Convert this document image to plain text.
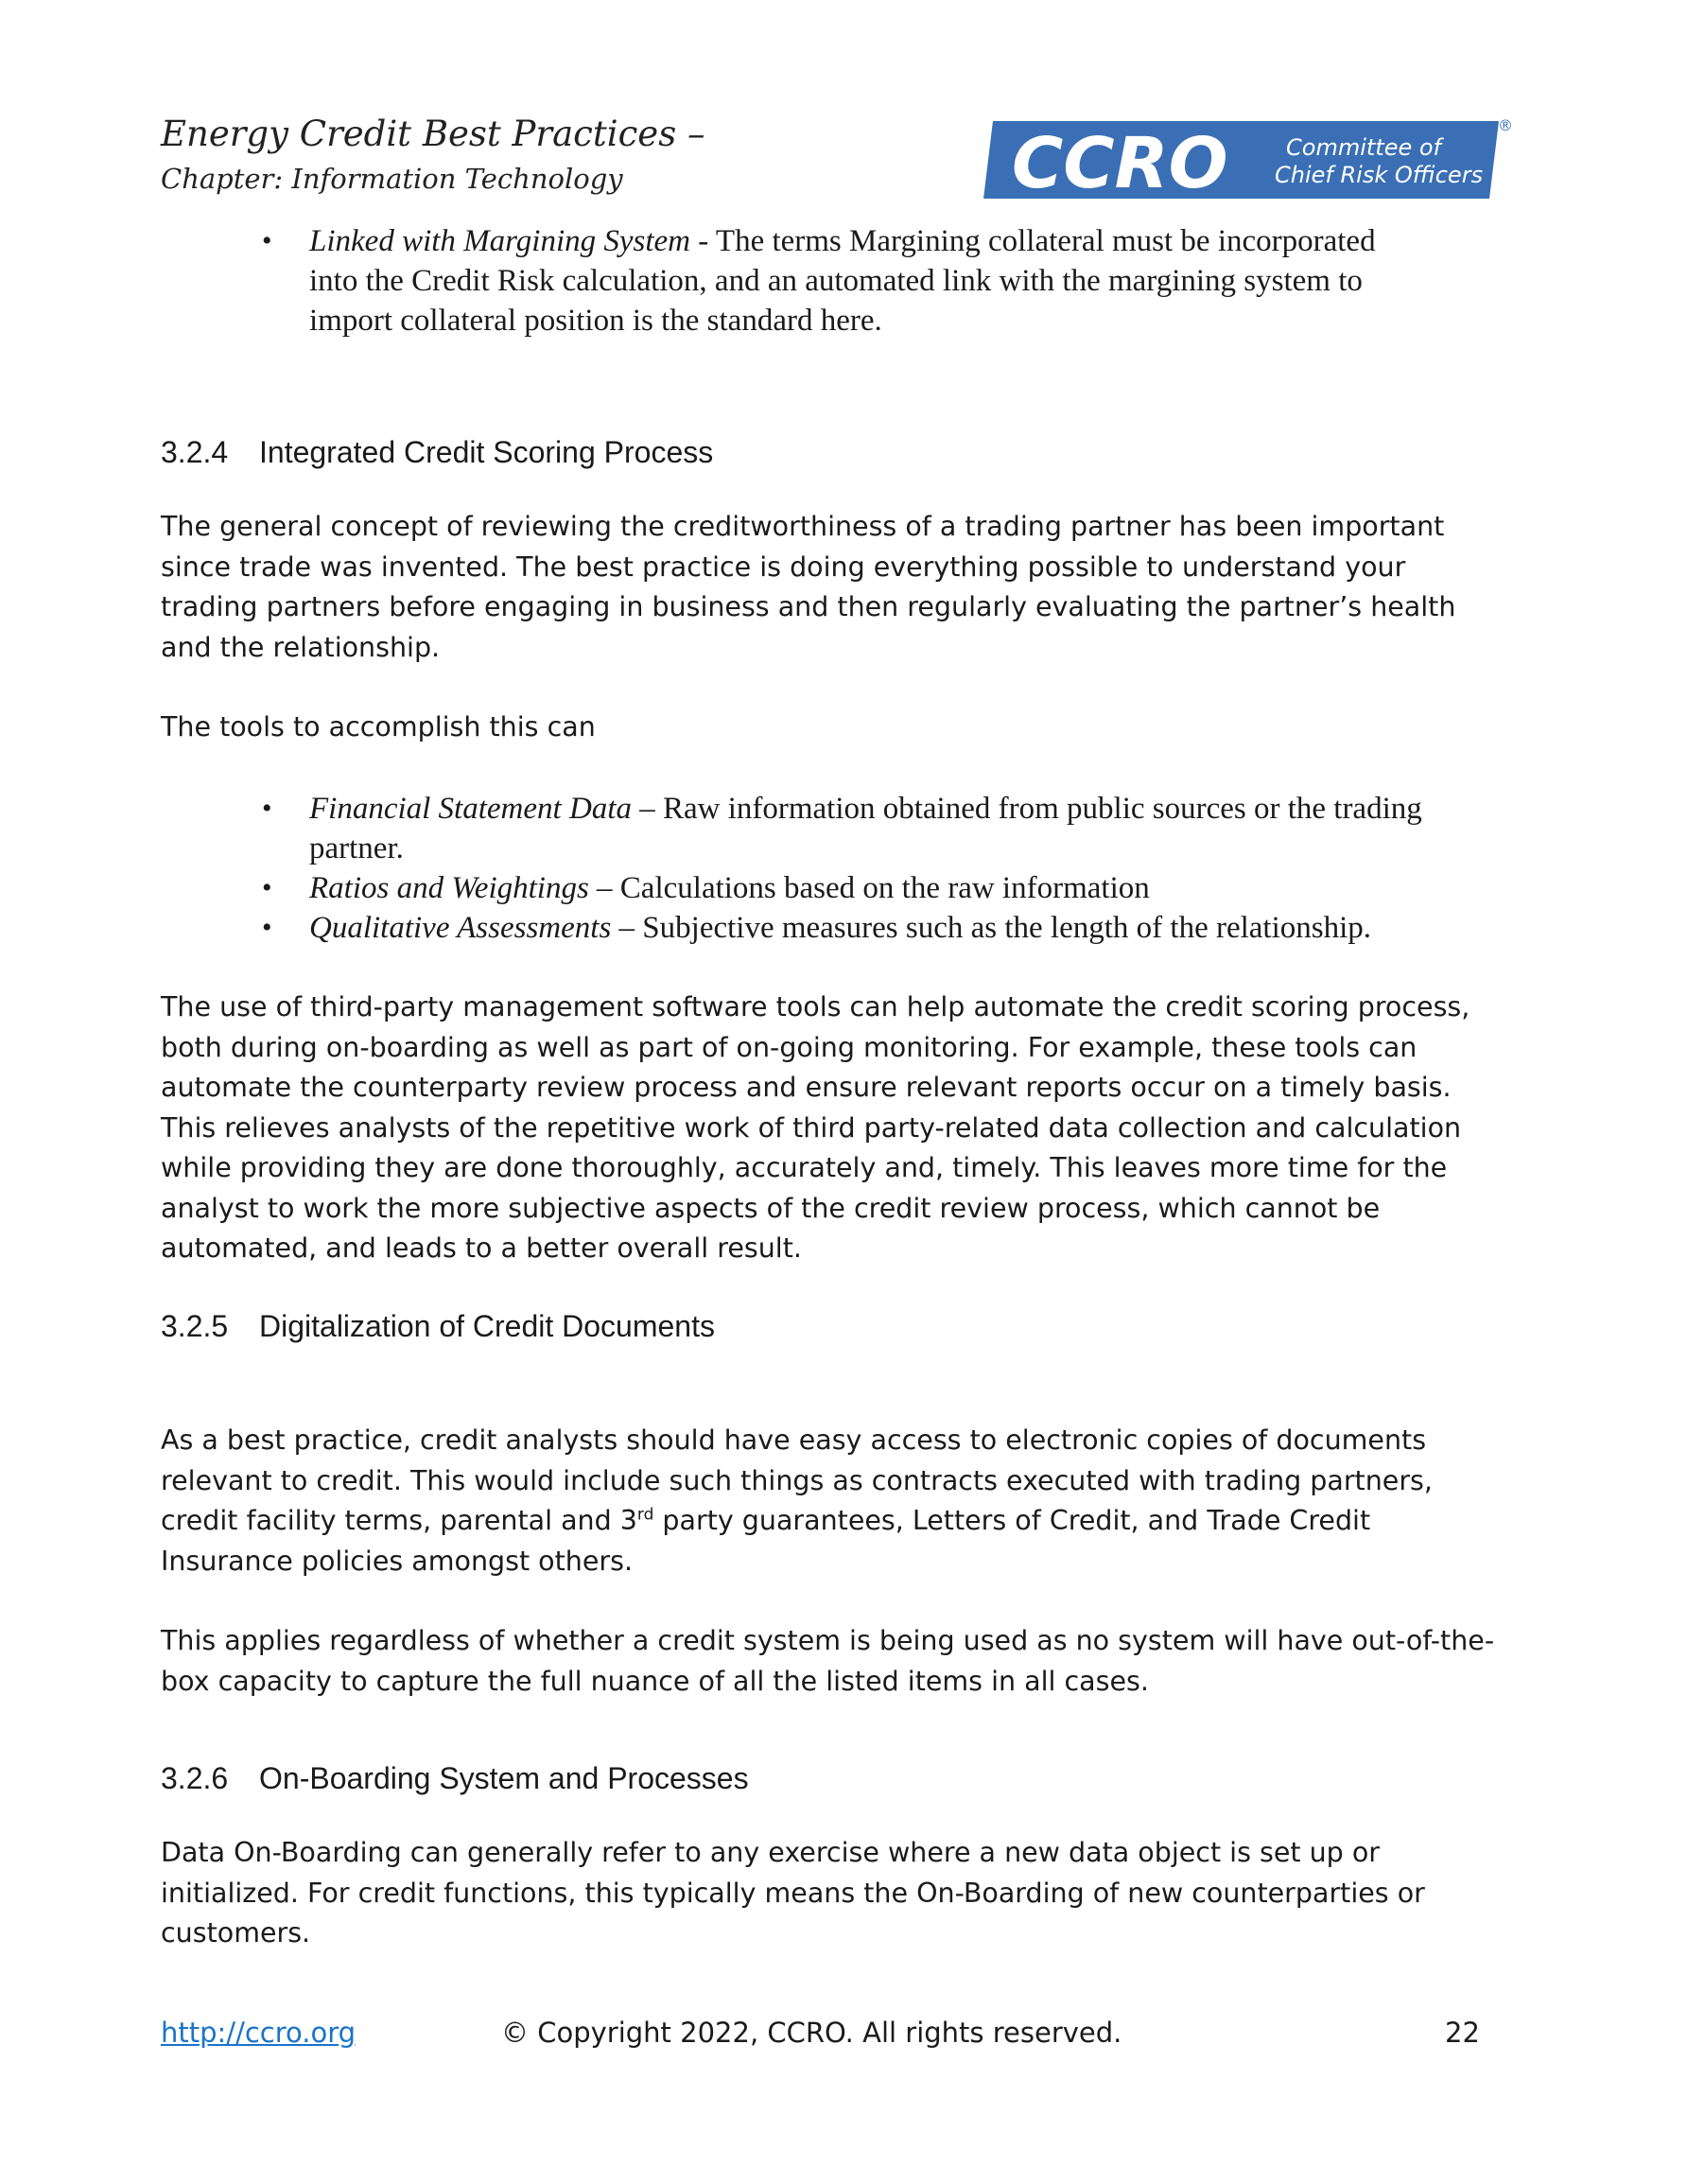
Energy Credit Best Practices –
Chapter: Information Technology	CCRO	Committee of
Chief Risk Officers
®
• Linked with Margining System - The terms Margining collateral must be incorporated
into the Credit Risk calculation, and an automated link with the margining system to
import collateral position is the standard here.
3.2.4 Integrated Credit Scoring Process
The general concept of reviewing the creditworthiness of a trading partner has been important since trade was invented. The best practice is doing everything possible to understand your trading partners before engaging in business and then regularly evaluating the partner’s health and the relationship.
The tools to accomplish this can
• Financial Statement Data – Raw information obtained from public sources or the trading partner.
• Ratios and Weightings – Calculations based on the raw information
• Qualitative Assessments – Subjective measures such as the length of the relationship.
The use of third-party management software tools can help automate the credit scoring process, both during on-boarding as well as part of on-going monitoring. For example, these tools can automate the counterparty review process and ensure relevant reports occur on a timely basis. This relieves analysts of the repetitive work of third party-related data collection and calculation while providing they are done thoroughly, accurately and, timely. This leaves more time for the analyst to work the more subjective aspects of the credit review process, which cannot be automated, and leads to a better overall result.
3.2.5 Digitalization of Credit Documents
As a best practice, credit analysts should have easy access to electronic copies of documents relevant to credit. This would include such things as contracts executed with trading partners, credit facility terms, parental and 3rd party guarantees, Letters of Credit, and Trade Credit Insurance policies amongst others.
This applies regardless of whether a credit system is being used as no system will have out-of-the-box capacity to capture the full nuance of all the listed items in all cases.
3.2.6 On-Boarding System and Processes
Data On-Boarding can generally refer to any exercise where a new data object is set up or initialized. For credit functions, this typically means the On-Boarding of new counterparties or customers.
http://ccro.org	© Copyright 2022, CCRO. All rights reserved.	22
